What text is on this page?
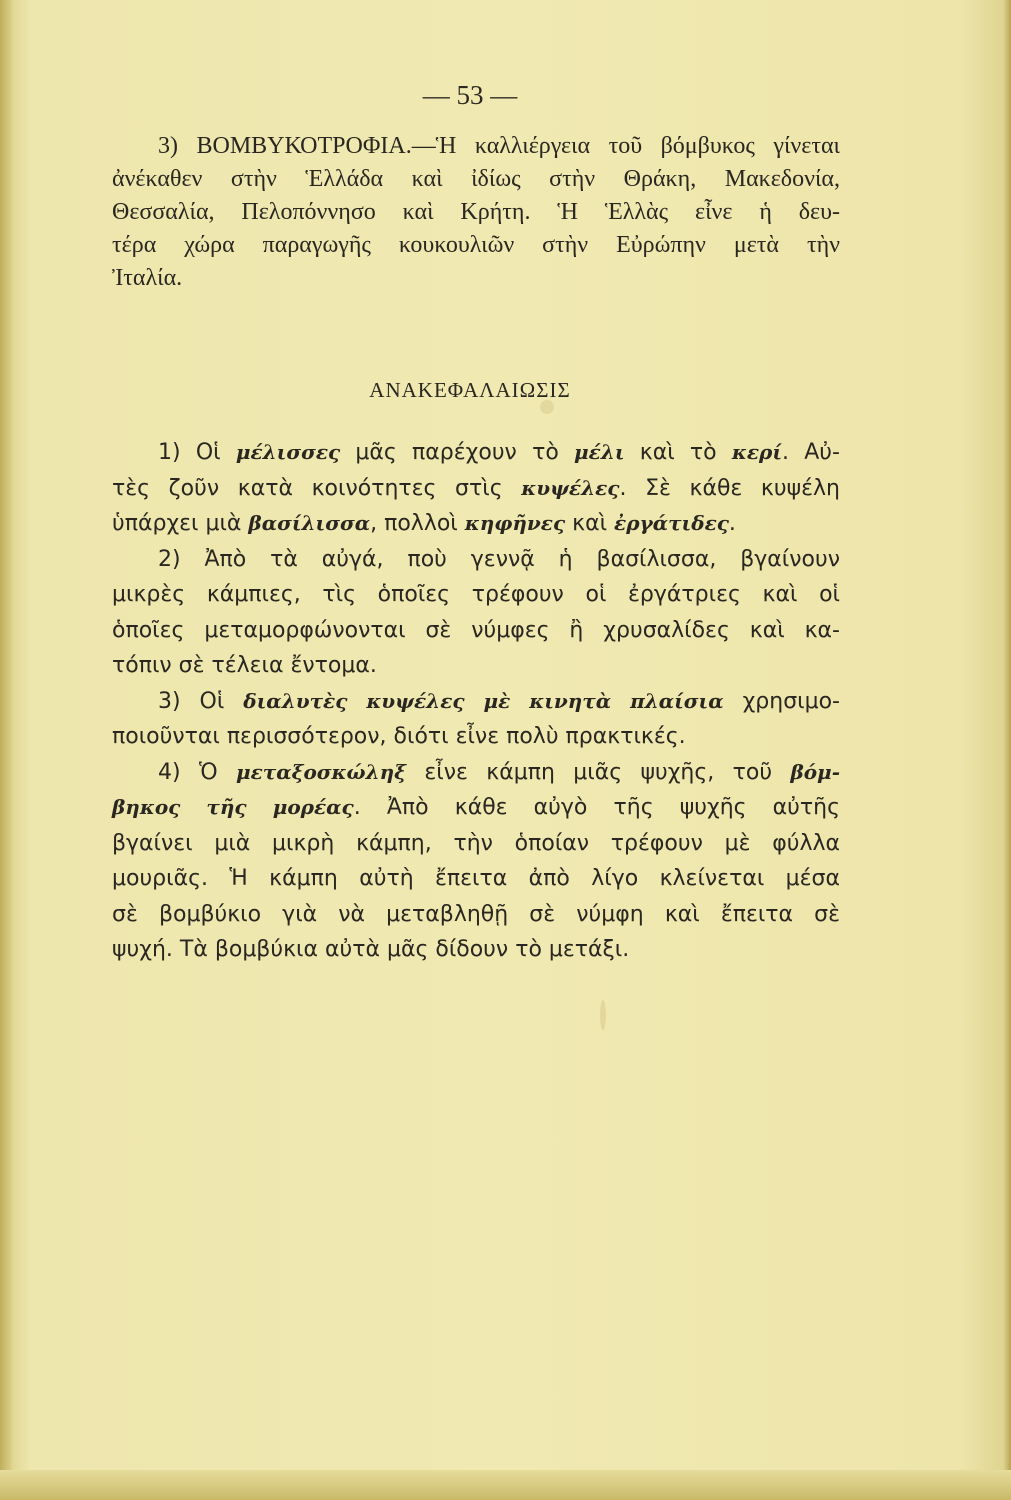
— 53 —
3) ΒΟΜΒΥΚΟΤΡΟΦΙΑ.—Ἡ καλλιέργεια τοῦ βόμβυκος γίνεται
ἀνέκαθεν στὴν Ἑλλάδα καὶ ἰδίως στὴν Θράκη, Μακεδονία,
Θεσσαλία, Πελοπόννησο καὶ Κρήτη. Ἡ Ἑλλὰς εἶνε ἡ δευ-
τέρα χώρα παραγωγῆς κουκουλιῶν στὴν Εὐρώπην μετὰ τὴν
Ἰταλία.
ΑΝΑΚΕΦΑΛΑΙΩΣΙΣ
1) Οἱ μέλισσες μᾶς παρέχουν τὸ μέλι καὶ τὸ κερί. Αὐ-
τὲς ζοῦν κατὰ κοινότητες στὶς κυψέλες. Σὲ κάθε κυψέλη
ὑπάρχει μιὰ βασίλισσα, πολλοὶ κηφῆνες καὶ ἐργάτιδες.
2) Ἀπὸ τὰ αὐγά, ποὺ γεννᾷ ἡ βασίλισσα, βγαίνουν
μικρὲς κάμπιες, τὶς ὁποῖες τρέφουν οἱ ἐργάτριες καὶ οἱ
ὁποῖες μεταμορφώνονται σὲ νύμφες ἢ χρυσαλίδες καὶ κα-
τόπιν σὲ τέλεια ἔντομα.
3) Οἱ διαλυτὲς κυψέλες μὲ κινητὰ πλαίσια χρησιμο-
ποιοῦνται περισσότερον, διότι εἶνε πολὺ πρακτικές.
4) Ὁ μεταξοσκώληξ εἶνε κάμπη μιᾶς ψυχῆς, τοῦ βόμ-
βηκος τῆς μορέας. Ἀπὸ κάθε αὐγὸ τῆς ψυχῆς αὐτῆς
βγαίνει μιὰ μικρὴ κάμπη, τὴν ὁποίαν τρέφουν μὲ φύλλα
μουριᾶς. Ἡ κάμπη αὐτὴ ἔπειτα ἀπὸ λίγο κλείνεται μέσα
σὲ βομβύκιο γιὰ νὰ μεταβληθῇ σὲ νύμφη καὶ ἔπειτα σὲ
ψυχή. Τὰ βομβύκια αὐτὰ μᾶς δίδουν τὸ μετάξι.
